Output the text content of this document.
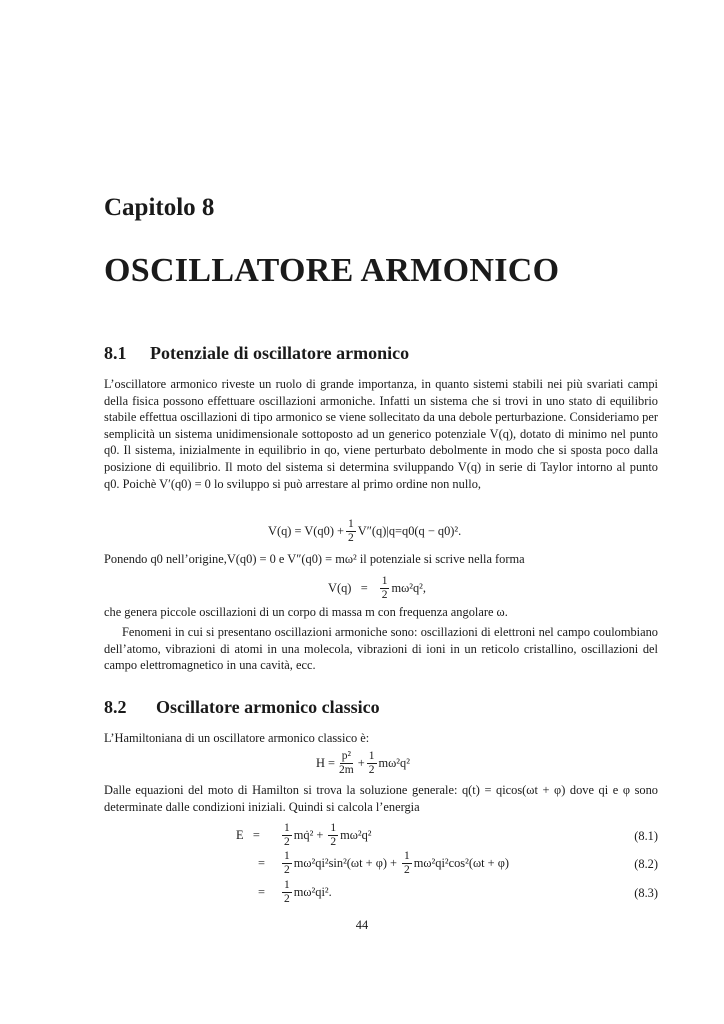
Capitolo 8
OSCILLATORE ARMONICO
8.1 Potenziale di oscillatore armonico
L’oscillatore armonico riveste un ruolo di grande importanza, in quanto sistemi stabili nei più svariati campi della fisica possono effettuare oscillazioni armoniche. Infatti un sistema che si trovi in uno stato di equilibrio stabile effettua oscillazioni di tipo armonico se viene sollecitato da una debole perturbazione. Consideriamo per semplicità un sistema unidimensionale sottoposto ad un generico potenziale V(q), dotato di minimo nel punto q0. Il sistema, inizialmente in equilibrio in qo, viene perturbato debolmente in modo che si sposta poco dalla posizione di equilibrio. Il moto del sistema si determina sviluppando V(q) in serie di Taylor intorno al punto q0. Poichè V′(q0) = 0 lo sviluppo si può arrestare al primo ordine non nullo,
$V(q) = V(q0) + \frac{1}{2} V''(q)|q=q0(q - q0)^2$.
Ponendo q0 nell’origine,V(q0) = 0 e V″(q0) = mω² il potenziale si scrive nella forma
$V(q) = \frac{1}{2} m\omega^2q^2$,
che genera piccole oscillazioni di un corpo di massa m con frequenza angolare ω.
Fenomeni in cui si presentano oscillazioni armoniche sono: oscillazioni di elettroni nel campo coulombiano dell’atomo, vibrazioni di atomi in una molecola, vibrazioni di ioni in un reticolo cristallino, oscillazioni del campo elettromagnetico in una cavità, ecc.
8.2 Oscillatore armonico classico
L’Hamiltoniana di un oscillatore armonico classico è:
$H = \frac{\text{p²}}{2m} + \frac{1}{2} m\omega^2q^2$
Dalle equazioni del moto di Hamilton si trova la soluzione generale: q(t) = qicos(ωt + φ) dove qi e φ sono determinate dalle condizioni iniziali. Quindi si calcola l’energia
E   =	$\frac{1}{2}$ mq̇² + $\frac{1}{2} m\omega^2q^2$	(8.1)
=	$\frac{1}{2} m\omega^2qi^2\sin^2(\omega t + \varphi) + \frac{1}{2} m\omega^2qi^2\cos^2(\omega t + \varphi)$	(8.2)
=	$\frac{1}{2} m\omega^2qi^2$.	(8.3)
44
